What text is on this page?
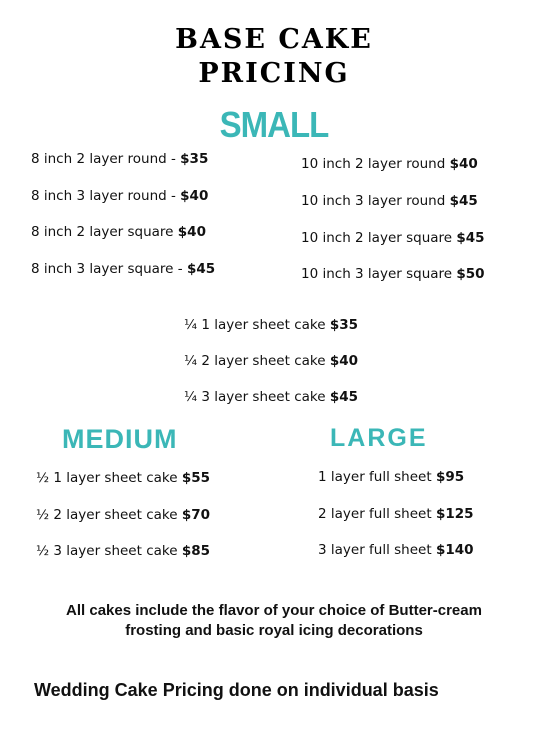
BASE CAKE
PRICING
SMALL
8 inch 2 layer round - $35
8 inch 3 layer round - $40
8 inch 2 layer square $40
8 inch 3 layer square - $45
10 inch 2 layer round $40
10 inch 3 layer round $45
10 inch 2 layer square $45
10 inch 3 layer square $50
¼ 1 layer sheet cake $35
¼ 2 layer sheet cake $40
¼ 3 layer sheet cake $45
MEDIUM
½ 1 layer sheet cake $55
½ 2 layer sheet cake $70
½ 3 layer sheet cake $85
LARGE
1 layer full sheet $95
2 layer full sheet $125
3 layer full sheet $140
All cakes include the flavor of your choice of Butter-cream
frosting and basic royal icing decorations
Wedding Cake Pricing done on individual basis
